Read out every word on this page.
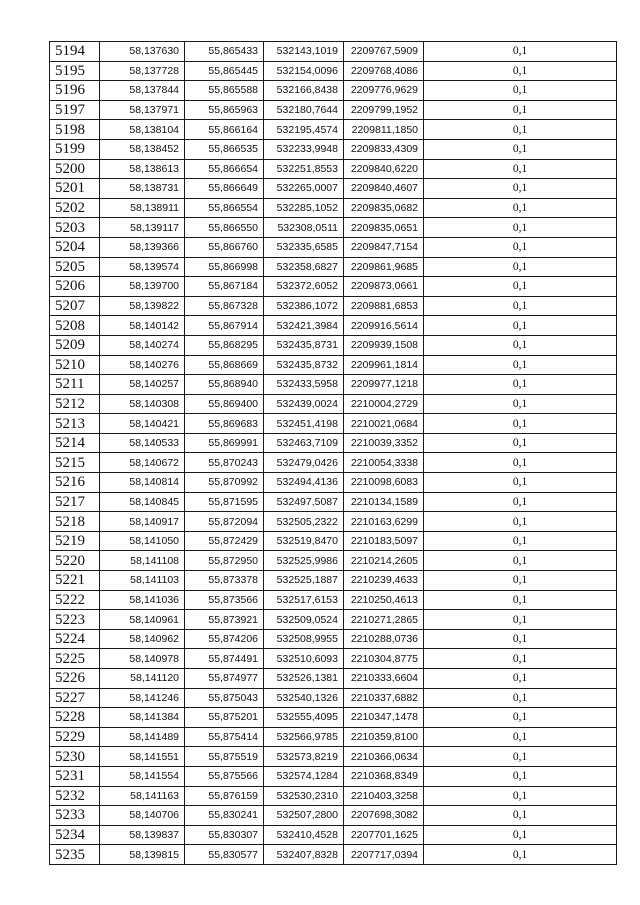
5194	58,137630	55,865433	532143,1019	2209767,5909	0,1
5195	58,137728	55,865445	532154,0096	2209768,4086	0,1
5196	58,137844	55,865588	532166,8438	2209776,9629	0,1
5197	58,137971	55,865963	532180,7644	2209799,1952	0,1
5198	58,138104	55,866164	532195,4574	2209811,1850	0,1
5199	58,138452	55,866535	532233,9948	2209833,4309	0,1
5200	58,138613	55,866654	532251,8553	2209840,6220	0,1
5201	58,138731	55,866649	532265,0007	2209840,4607	0,1
5202	58,138911	55,866554	532285,1052	2209835,0682	0,1
5203	58,139117	55,866550	532308,0511	2209835,0651	0,1
5204	58,139366	55,866760	532335,6585	2209847,7154	0,1
5205	58,139574	55,866998	532358,6827	2209861,9685	0,1
5206	58,139700	55,867184	532372,6052	2209873,0661	0,1
5207	58,139822	55,867328	532386,1072	2209881,6853	0,1
5208	58,140142	55,867914	532421,3984	2209916,5614	0,1
5209	58,140274	55,868295	532435,8731	2209939,1508	0,1
5210	58,140276	55,868669	532435,8732	2209961,1814	0,1
5211	58,140257	55,868940	532433,5958	2209977,1218	0,1
5212	58,140308	55,869400	532439,0024	2210004,2729	0,1
5213	58,140421	55,869683	532451,4198	2210021,0684	0,1
5214	58,140533	55,869991	532463,7109	2210039,3352	0,1
5215	58,140672	55,870243	532479,0426	2210054,3338	0,1
5216	58,140814	55,870992	532494,4136	2210098,6083	0,1
5217	58,140845	55,871595	532497,5087	2210134,1589	0,1
5218	58,140917	55,872094	532505,2322	2210163,6299	0,1
5219	58,141050	55,872429	532519,8470	2210183,5097	0,1
5220	58,141108	55,872950	532525,9986	2210214,2605	0,1
5221	58,141103	55,873378	532525,1887	2210239,4633	0,1
5222	58,141036	55,873566	532517,6153	2210250,4613	0,1
5223	58,140961	55,873921	532509,0524	2210271,2865	0,1
5224	58,140962	55,874206	532508,9955	2210288,0736	0,1
5225	58,140978	55,874491	532510,6093	2210304,8775	0,1
5226	58,141120	55,874977	532526,1381	2210333,6604	0,1
5227	58,141246	55,875043	532540,1326	2210337,6882	0,1
5228	58,141384	55,875201	532555,4095	2210347,1478	0,1
5229	58,141489	55,875414	532566,9785	2210359,8100	0,1
5230	58,141551	55,875519	532573,8219	2210366,0634	0,1
5231	58,141554	55,875566	532574,1284	2210368,8349	0,1
5232	58,141163	55,876159	532530,2310	2210403,3258	0,1
5233	58,140706	55,830241	532507,2800	2207698,3082	0,1
5234	58,139837	55,830307	532410,4528	2207701,1625	0,1
5235	58,139815	55,830577	532407,8328	2207717,0394	0,1
